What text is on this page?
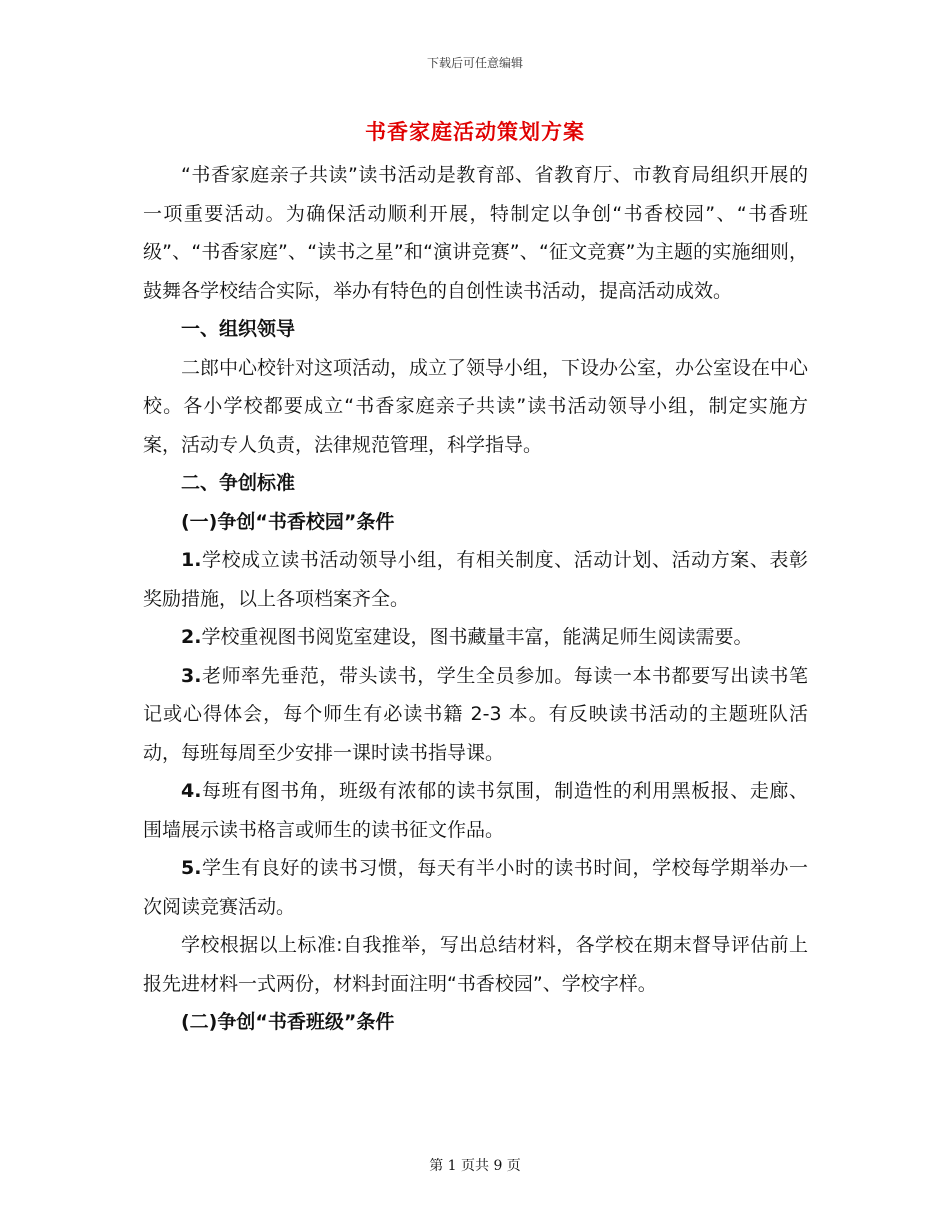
下载后可任意编辑
书香家庭活动策划方案

“书香家庭亲子共读”读书活动是教育部、省教育厅、市教育局组织开展的一项重要活动。为确保活动顺利开展，特制定以争创“书香校园”、“书香班级”、“书香家庭”、“读书之星”和“演讲竞赛”、“征文竞赛”为主题的实施细则，鼓舞各学校结合实际，举办有特色的自创性读书活动，提高活动成效。

一、组织领导

二郎中心校针对这项活动，成立了领导小组，下设办公室，办公室设在中心校。各小学校都要成立“书香家庭亲子共读”读书活动领导小组，制定实施方案，活动专人负责，法律规范管理，科学指导。

二、争创标准

(一)争创“书香校园”条件

1.学校成立读书活动领导小组，有相关制度、活动计划、活动方案、表彰奖励措施，以上各项档案齐全。

2.学校重视图书阅览室建设，图书藏量丰富，能满足师生阅读需要。

3.老师率先垂范，带头读书，学生全员参加。每读一本书都要写出读书笔记或心得体会，每个师生有必读书籍 2-3 本。有反映读书活动的主题班队活动，每班每周至少安排一课时读书指导课。

4.每班有图书角，班级有浓郁的读书氛围，制造性的利用黑板报、走廊、围墙展示读书格言或师生的读书征文作品。

5.学生有良好的读书习惯，每天有半小时的读书时间，学校每学期举办一次阅读竞赛活动。

学校根据以上标准:自我推举，写出总结材料，各学校在期末督导评估前上报先进材料一式两份，材料封面注明“书香校园”、学校字样。

(二)争创“书香班级”条件

第 1 页共 9 页
